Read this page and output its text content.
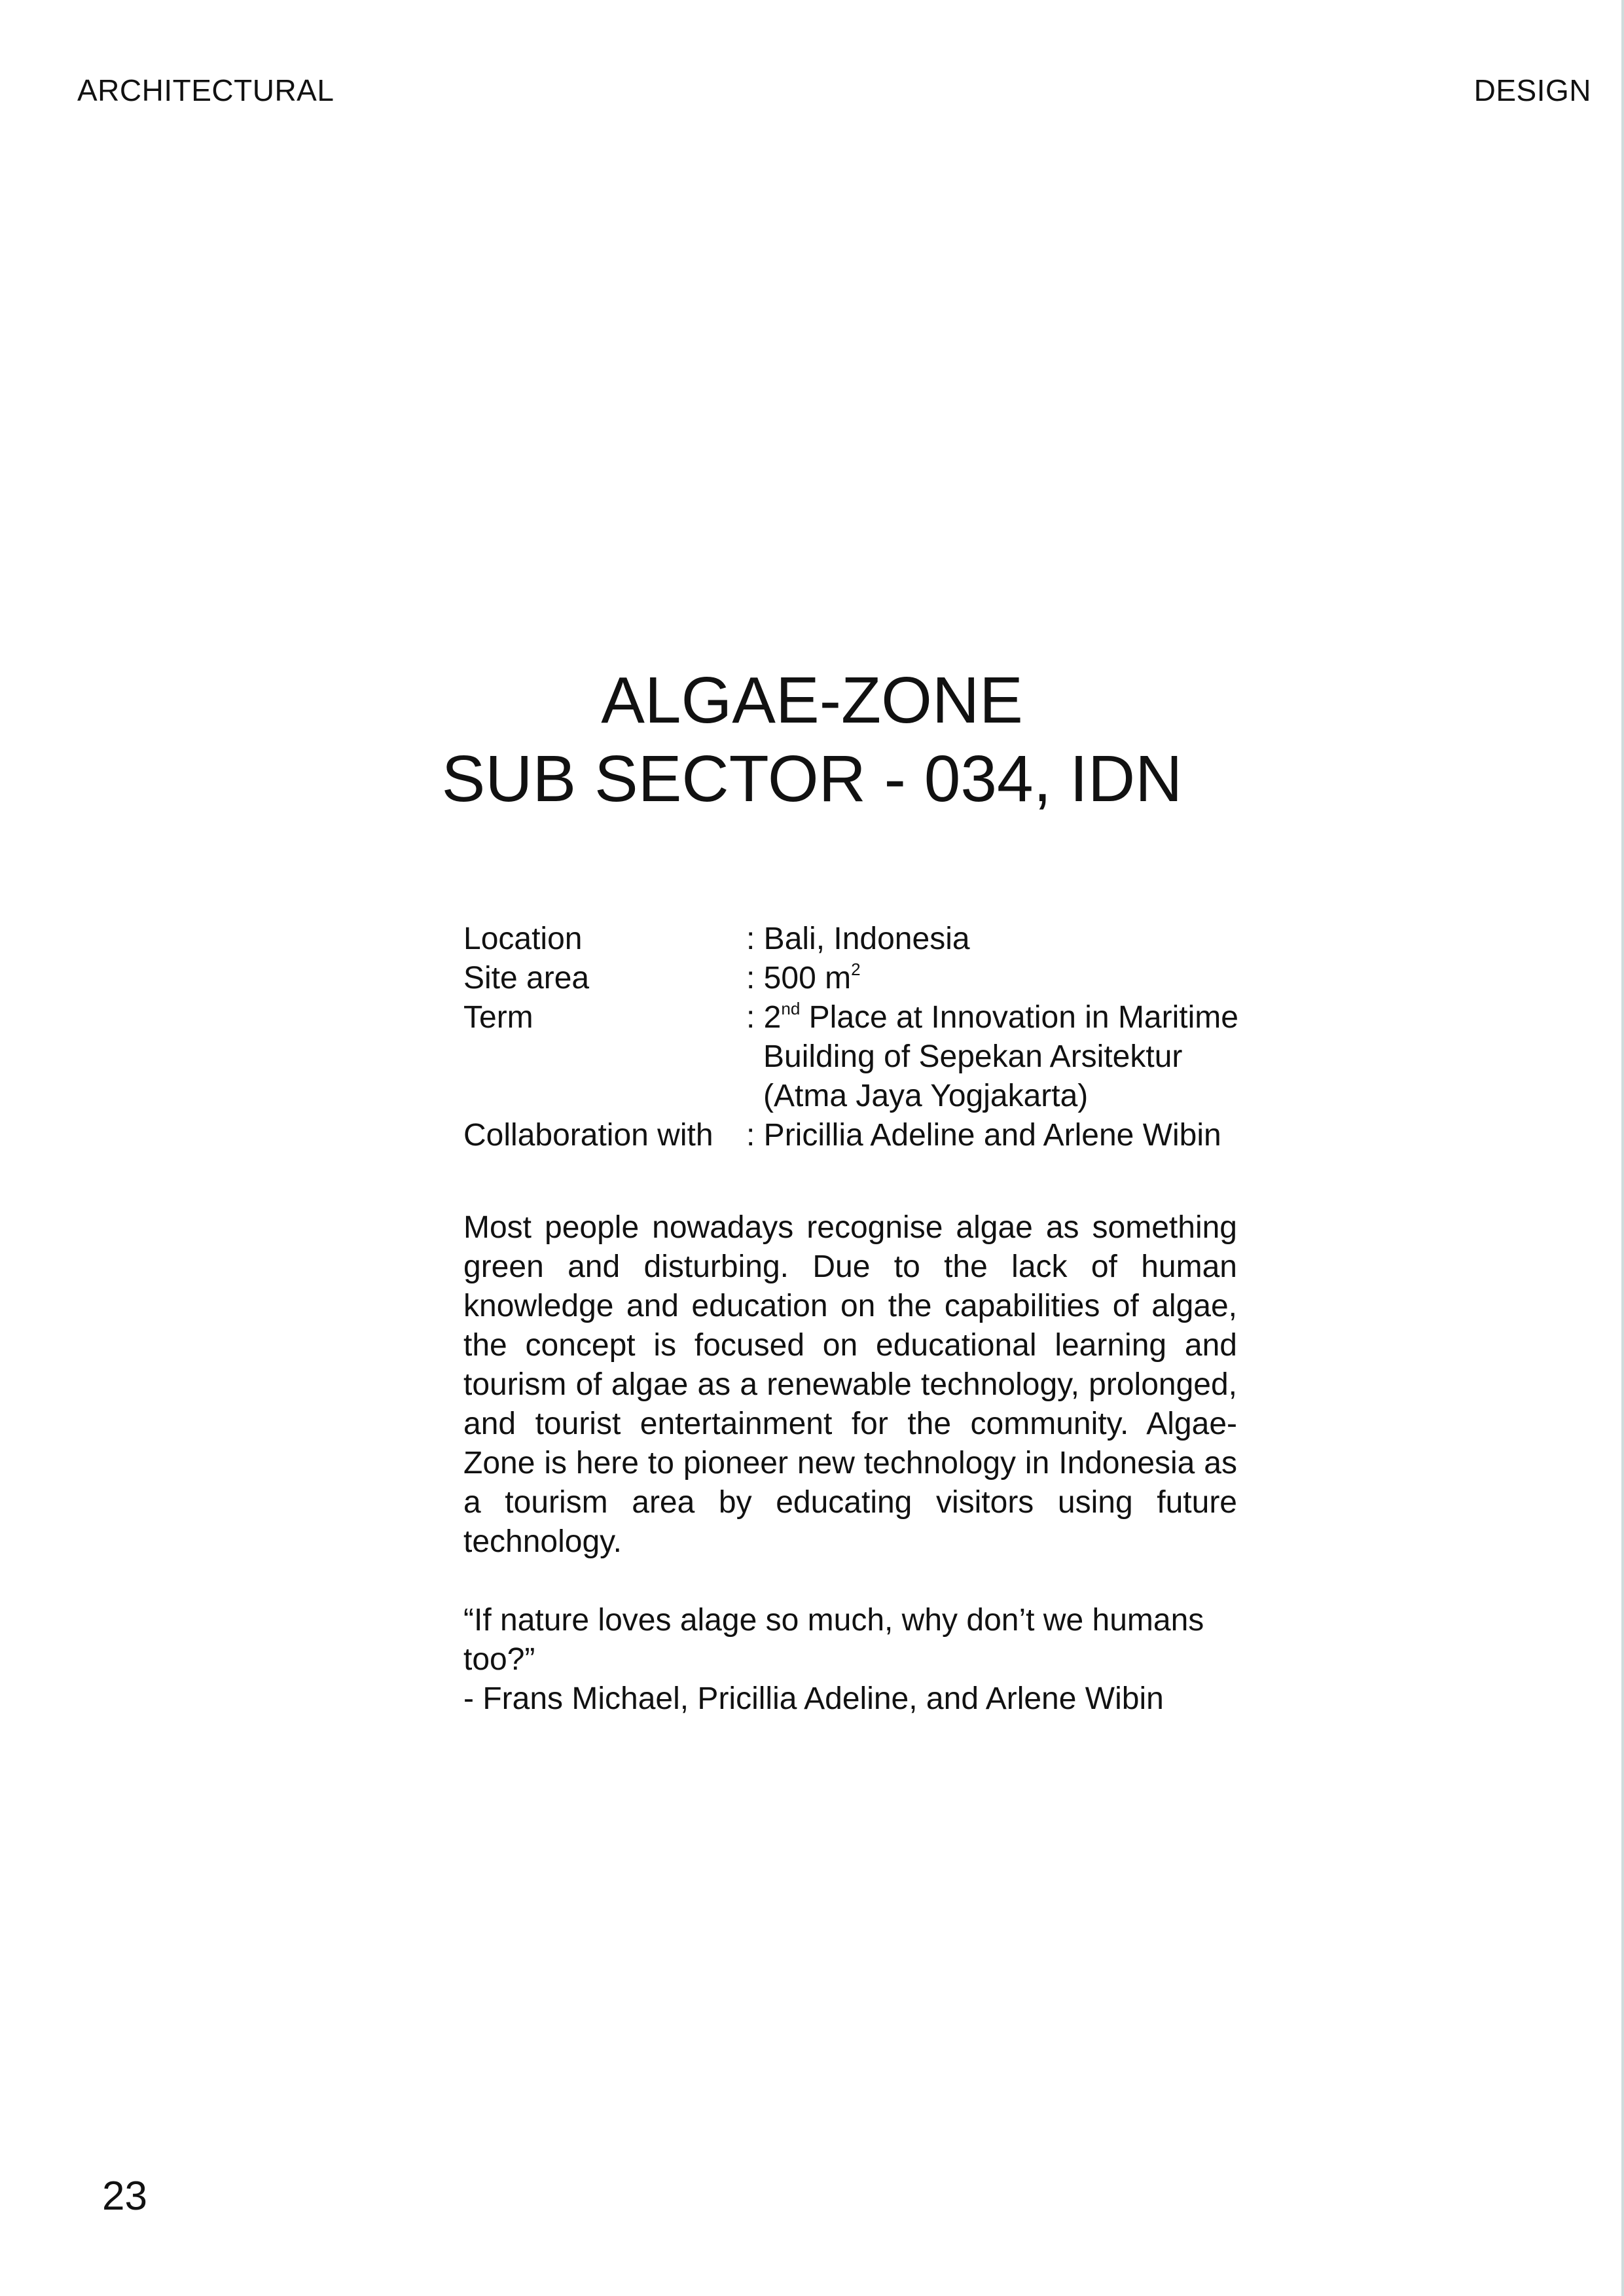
ARCHITECTURAL	DESIGN
ALGAE-ZONE
SUB SECTOR - 034, IDN
Location	: Bali, Indonesia
Site area	: 500 $m^2$
Term	: 2nd Place at Innovation in Maritime
Building of Sepekan Arsitektur
(Atma Jaya Yogjakarta)
Collaboration with	: Pricillia Adeline and Arlene Wibin

Most people nowadays recognise algae as something green and disturbing. Due to the lack of human knowledge and education on the capabilities of algae, the concept is focused on educational learning and tourism of algae as a renewable technology, prolonged, and tourist entertainment for the community. Algae-Zone is here to pioneer new technology in Indonesia as a tourism area by educating visitors using future technology.

“If nature loves alage so much, why don’t we humans too?”
- Frans Michael, Pricillia Adeline, and Arlene Wibin

23
